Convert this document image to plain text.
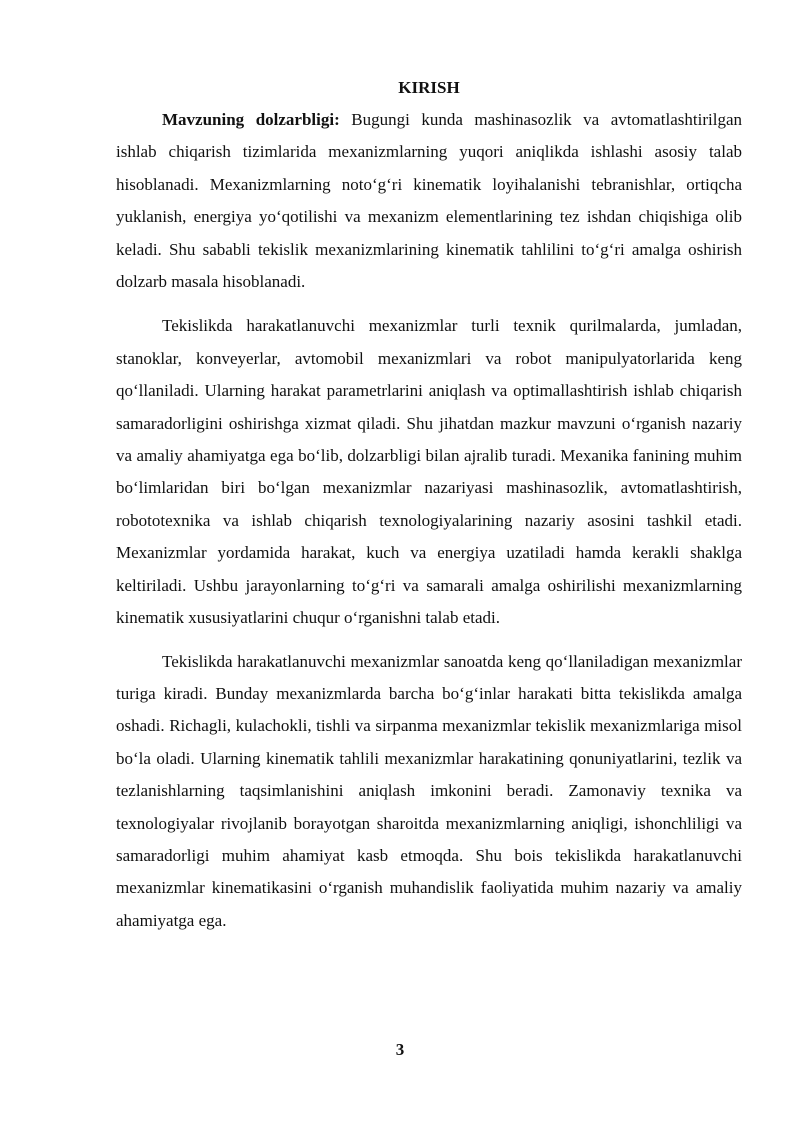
KIRISH

Mavzuning dolzarbligi: Bugungi kunda mashinasozlik va avtomatlashtirilgan ishlab chiqarish tizimlarida mexanizmlarning yuqori aniqlikda ishlashi asosiy talab hisoblanadi. Mexanizmlarning noto‘g‘ri kinematik loyihalanishi tebranishlar, ortiqcha yuklanish, energiya yo‘qotilishi va mexanizm elementlarining tez ishdan chiqishiga olib keladi. Shu sababli tekislik mexanizmlarining kinematik tahlilini to‘g‘ri amalga oshirish dolzarb masala hisoblanadi.

Tekislikda harakatlanuvchi mexanizmlar turli texnik qurilmalarda, jumladan, stanoklar, konveyerlar, avtomobil mexanizmlari va robot manipulyatorlarida keng qo‘llaniladi. Ularning harakat parametrlarini aniqlash va optimallashtirish ishlab chiqarish samaradorligini oshirishga xizmat qiladi. Shu jihatdan mazkur mavzuni o‘rganish nazariy va amaliy ahamiyatga ega bo‘lib, dolzarbligi bilan ajralib turadi. Mexanika fanining muhim bo‘limlaridan biri bo‘lgan mexanizmlar nazariyasi mashinasozlik, avtomatlashtirish, robototexnika va ishlab chiqarish texnologiyalarining nazariy asosini tashkil etadi. Mexanizmlar yordamida harakat, kuch va energiya uzatiladi hamda kerakli shaklga keltiriladi. Ushbu jarayonlarning to‘g‘ri va samarali amalga oshirilishi mexanizmlarning kinematik xususiyatlarini chuqur o‘rganishni talab etadi.

Tekislikda harakatlanuvchi mexanizmlar sanoatda keng qo‘llaniladigan mexanizmlar turiga kiradi. Bunday mexanizmlarda barcha bo‘g‘inlar harakati bitta tekislikda amalga oshadi. Richagli, kulachokli, tishli va sirpanma mexanizmlar tekislik mexanizmlariga misol bo‘la oladi. Ularning kinematik tahlili mexanizmlar harakatining qonuniyatlarini, tezlik va tezlanishlarning taqsimlanishini aniqlash imkonini beradi. Zamonaviy texnika va texnologiyalar rivojlanib borayotgan sharoitda mexanizmlarning aniqligi, ishonchliligi va samaradorligi muhim ahamiyat kasb etmoqda. Shu bois tekislikda harakatlanuvchi mexanizmlar kinematikasini o‘rganish muhandislik faoliyatida muhim nazariy va amaliy ahamiyatga ega.

3
